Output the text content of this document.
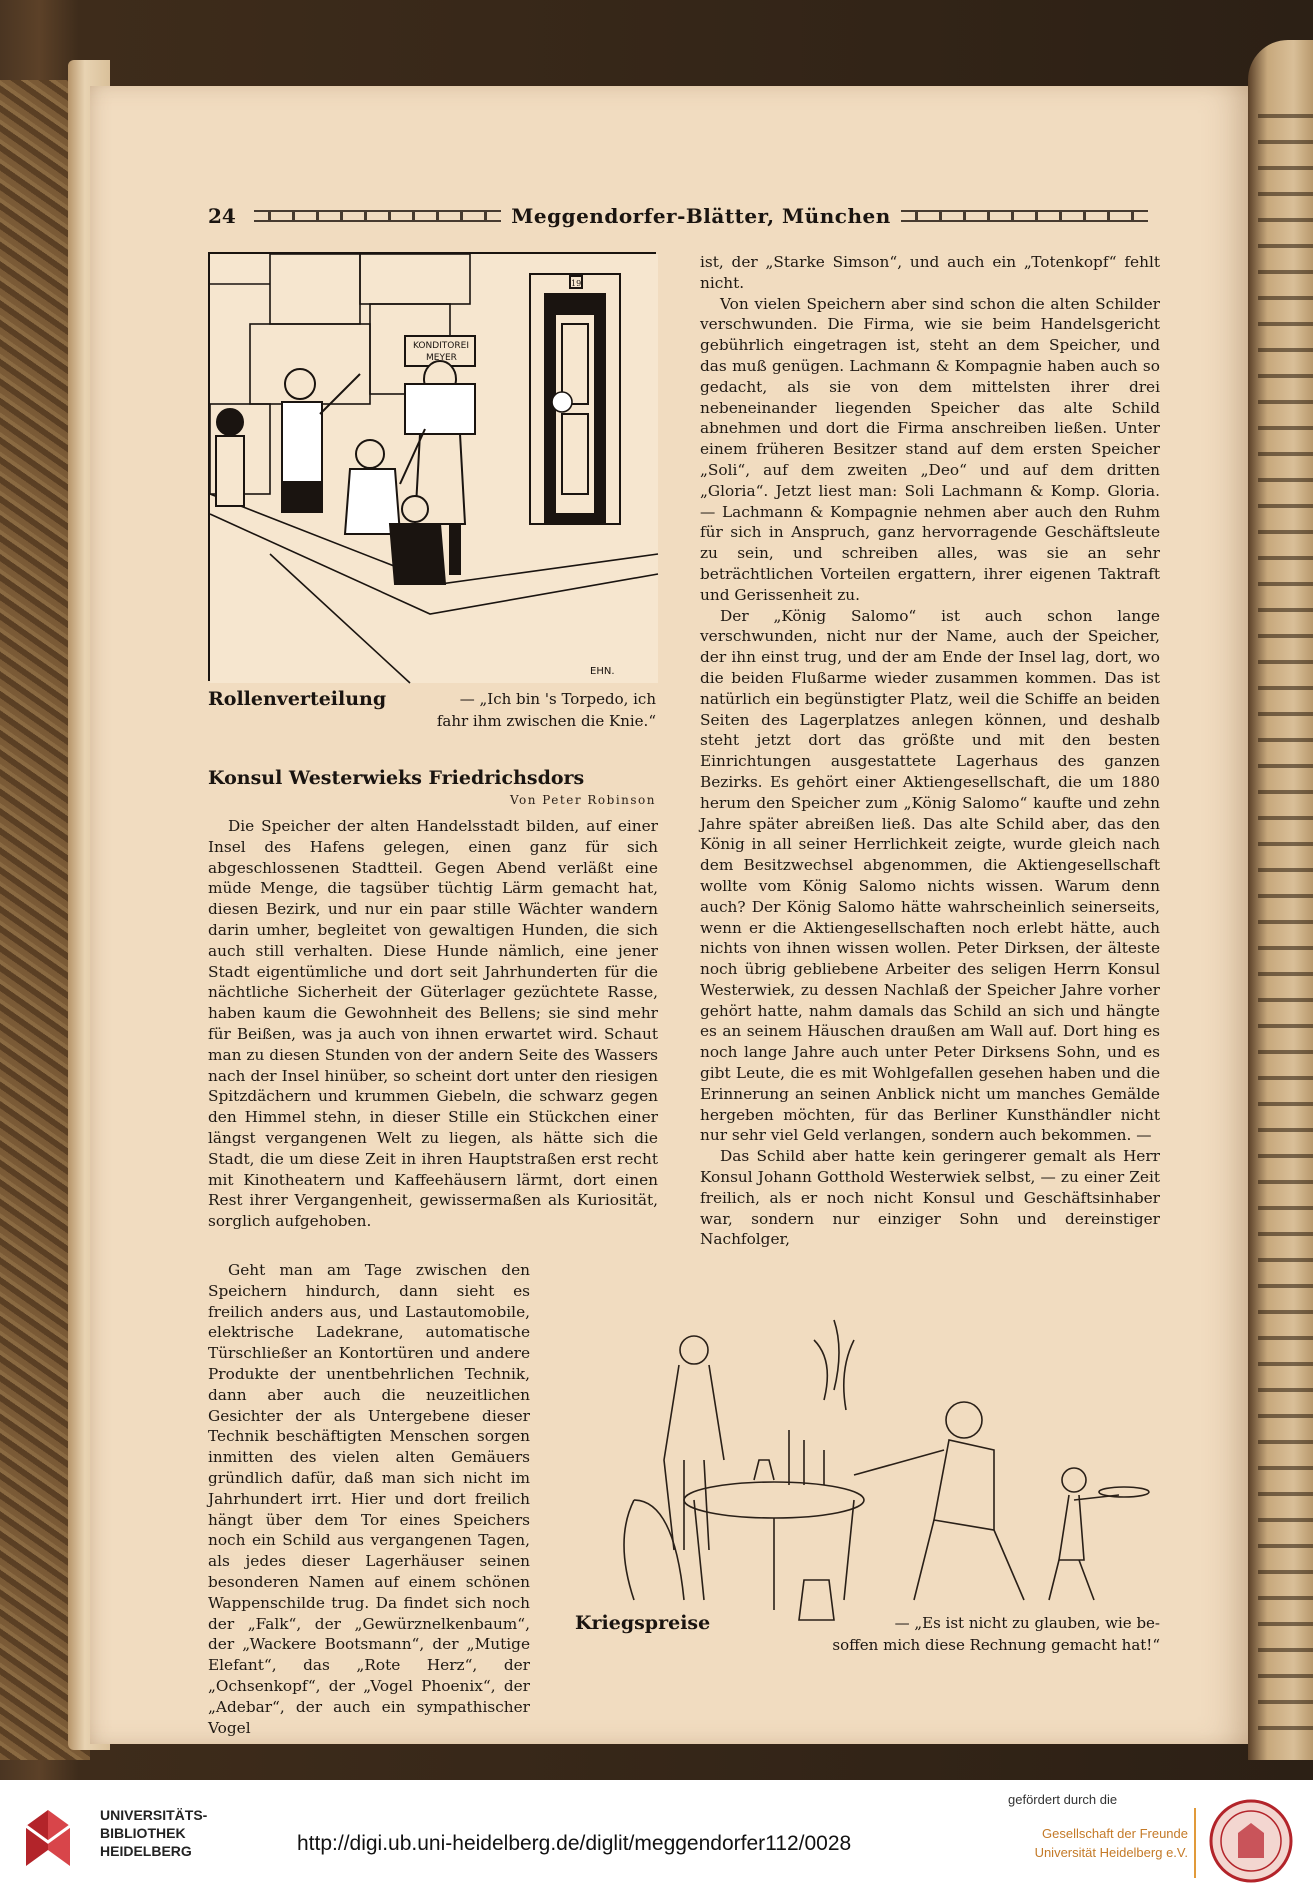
24	Meggendorfer-Blätter, München
19
KONDITOREI
MEYER
EHN.
Rollenverteilung	— „Ich bin 's Torpedo, ich
fahr ihm zwischen die Knie.“
Konsul Westerwieks Friedrichsdors
Von Peter Robinson

Die Speicher der alten Handelsstadt bilden, auf einer Insel des Hafens gelegen, einen ganz für sich abgeschlossenen Stadtteil. Gegen Abend verläßt eine müde Menge, die tagsüber tüchtig Lärm gemacht hat, diesen Bezirk, und nur ein paar stille Wächter wandern darin umher, begleitet von gewaltigen Hunden, die sich auch still verhalten. Diese Hunde nämlich, eine jener Stadt eigentümliche und dort seit Jahrhunderten für die nächtliche Sicherheit der Güterlager gezüchtete Rasse, haben kaum die Gewohnheit des Bellens; sie sind mehr für Beißen, was ja auch von ihnen erwartet wird. Schaut man zu diesen Stunden von der andern Seite des Wassers nach der Insel hinüber, so scheint dort unter den riesigen Spitzdächern und krummen Giebeln, die schwarz gegen den Himmel stehn, in dieser Stille ein Stückchen einer längst vergangenen Welt zu liegen, als hätte sich die Stadt, die um diese Zeit in ihren Hauptstraßen erst recht mit Kinotheatern und Kaffeehäusern lärmt, dort einen Rest ihrer Vergangenheit, gewissermaßen als Kuriosität, sorglich aufgehoben.

Geht man am Tage zwischen den Speichern hindurch, dann sieht es freilich anders aus, und Lastautomobile, elektrische Ladekrane, automatische Türschließer an Kontortüren und andere Produkte der unentbehrlichen Technik, dann aber auch die neuzeitlichen Gesichter der als Untergebene dieser Technik beschäftigten Menschen sorgen inmitten des vielen alten Gemäuers gründlich dafür, daß man sich nicht im Jahrhundert irrt. Hier und dort freilich hängt über dem Tor eines Speichers noch ein Schild aus vergangenen Tagen, als jedes dieser Lagerhäuser seinen besonderen Namen auf einem schönen Wappenschilde trug. Da findet sich noch der „Falk“, der „Gewürznelkenbaum“, der „Wackere Bootsmann“, der „Mutige Elefant“, das „Rote Herz“, der „Ochsenkopf“, der „Vogel Phoenix“, der „Adebar“, der auch ein sympathischer Vogel

ist, der „Starke Simson“, und auch ein „Totenkopf“ fehlt nicht.

Von vielen Speichern aber sind schon die alten Schilder verschwunden. Die Firma, wie sie beim Handelsgericht gebührlich eingetragen ist, steht an dem Speicher, und das muß genügen. Lachmann & Kompagnie haben auch so gedacht, als sie von dem mittelsten ihrer drei nebeneinander liegenden Speicher das alte Schild abnehmen und dort die Firma anschreiben ließen. Unter einem früheren Besitzer stand auf dem ersten Speicher „Soli“, auf dem zweiten „Deo“ und auf dem dritten „Gloria“. Jetzt liest man: Soli Lachmann & Komp. Gloria. — Lachmann & Kompagnie nehmen aber auch den Ruhm für sich in Anspruch, ganz hervorragende Geschäftsleute zu sein, und schreiben alles, was sie an sehr beträchtlichen Vorteilen ergattern, ihrer eigenen Taktraft und Gerissenheit zu.

Der „König Salomo“ ist auch schon lange verschwunden, nicht nur der Name, auch der Speicher, der ihn einst trug, und der am Ende der Insel lag, dort, wo die beiden Flußarme wieder zusammen kommen. Das ist natürlich ein begünstigter Platz, weil die Schiffe an beiden Seiten des Lagerplatzes anlegen können, und deshalb steht jetzt dort das größte und mit den besten Einrichtungen ausgestattete Lagerhaus des ganzen Bezirks. Es gehört einer Aktiengesellschaft, die um 1880 herum den Speicher zum „König Salomo“ kaufte und zehn Jahre später abreißen ließ. Das alte Schild aber, das den König in all seiner Herrlichkeit zeigte, wurde gleich nach dem Besitzwechsel abgenommen, die Aktiengesellschaft wollte vom König Salomo nichts wissen. Warum denn auch? Der König Salomo hätte wahrscheinlich seinerseits, wenn er die Aktiengesellschaften noch erlebt hätte, auch nichts von ihnen wissen wollen. Peter Dirksen, der älteste noch übrig gebliebene Arbeiter des seligen Herrn Konsul Westerwiek, zu dessen Nachlaß der Speicher Jahre vorher gehört hatte, nahm damals das Schild an sich und hängte es an seinem Häuschen draußen am Wall auf. Dort hing es noch lange Jahre auch unter Peter Dirksens Sohn, und es gibt Leute, die es mit Wohlgefallen gesehen haben und die Erinnerung an seinen Anblick nicht um manches Gemälde hergeben möchten, für das Berliner Kunsthändler nicht nur sehr viel Geld verlangen, sondern auch bekommen. —

Das Schild aber hatte kein geringerer gemalt als Herr Konsul Johann Gotthold Westerwiek selbst, — zu einer Zeit freilich, als er noch nicht Konsul und Geschäftsinhaber war, sondern nur einziger Sohn und dereinstiger Nachfolger,

Kriegspreise	— „Es ist nicht zu glauben, wie be-
soffen mich diese Rechnung gemacht hat!“
UNIVERSITÄTS-
BIBLIOTHEK
HEIDELBERG	http://digi.ub.uni-heidelberg.de/diglit/meggendorfer112/0028
gefördert durch die
Gesellschaft der Freunde
Universität Heidelberg e.V.
